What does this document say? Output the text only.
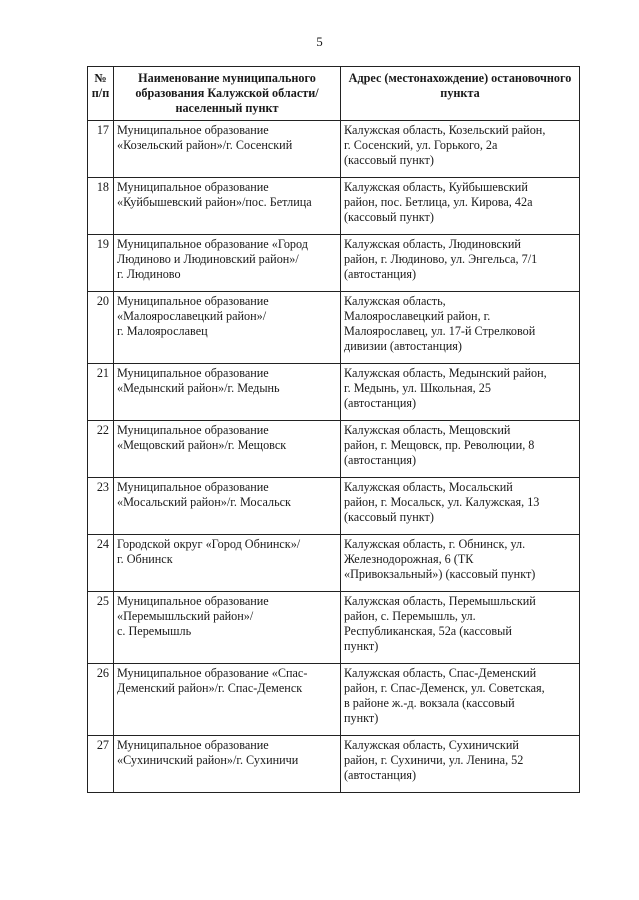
5
№
п/п	Наименование муниципального образования Калужской области/населенный пункт	Адрес (местонахождение) остановочного пункта
17	Муниципальное образование
«Козельский район»/г. Сосенский	Калужская область, Козельский район,
г. Сосенский, ул. Горького, 2а
(кассовый пункт)
18	Муниципальное образование
«Куйбышевский район»/пос. Бетлица	Калужская область, Куйбышевский
район, пос. Бетлица, ул. Кирова, 42а
(кассовый пункт)
19	Муниципальное образование «Город
Людиново и Людиновский район»/
г. Людиново	Калужская область, Людиновский
район, г. Людиново, ул. Энгельса, 7/1
(автостанция)
20	Муниципальное образование
«Малоярославецкий район»/
г. Малоярославец	Калужская область,
Малоярославецкий район, г.
Малоярославец, ул. 17-й Стрелковой
дивизии (автостанция)
21	Муниципальное образование
«Медынский район»/г. Медынь	Калужская область, Медынский район,
г. Медынь, ул. Школьная, 25
(автостанция)
22	Муниципальное образование
«Мещовский район»/г. Мещовск	Калужская область, Мещовский
район, г. Мещовск, пр. Революции, 8
(автостанция)
23	Муниципальное образование
«Мосальский район»/г. Мосальск	Калужская область, Мосальский
район, г. Мосальск, ул. Калужская, 13
(кассовый пункт)
24	Городской округ «Город Обнинск»/
г. Обнинск	Калужская область, г. Обнинск, ул.
Железнодорожная, 6 (ТК
«Привокзальный») (кассовый пункт)
25	Муниципальное образование
«Перемышльский район»/
с. Перемышль	Калужская область, Перемышльский
район, с. Перемышль, ул.
Республиканская, 52а (кассовый
пункт)
26	Муниципальное образование «Спас-
Деменский район»/г. Спас-Деменск	Калужская область, Спас-Деменский
район, г. Спас-Деменск, ул. Советская,
в районе ж.-д. вокзала (кассовый
пункт)
27	Муниципальное образование
«Сухиничский район»/г. Сухиничи	Калужская область, Сухиничский
район, г. Сухиничи, ул. Ленина, 52
(автостанция)
